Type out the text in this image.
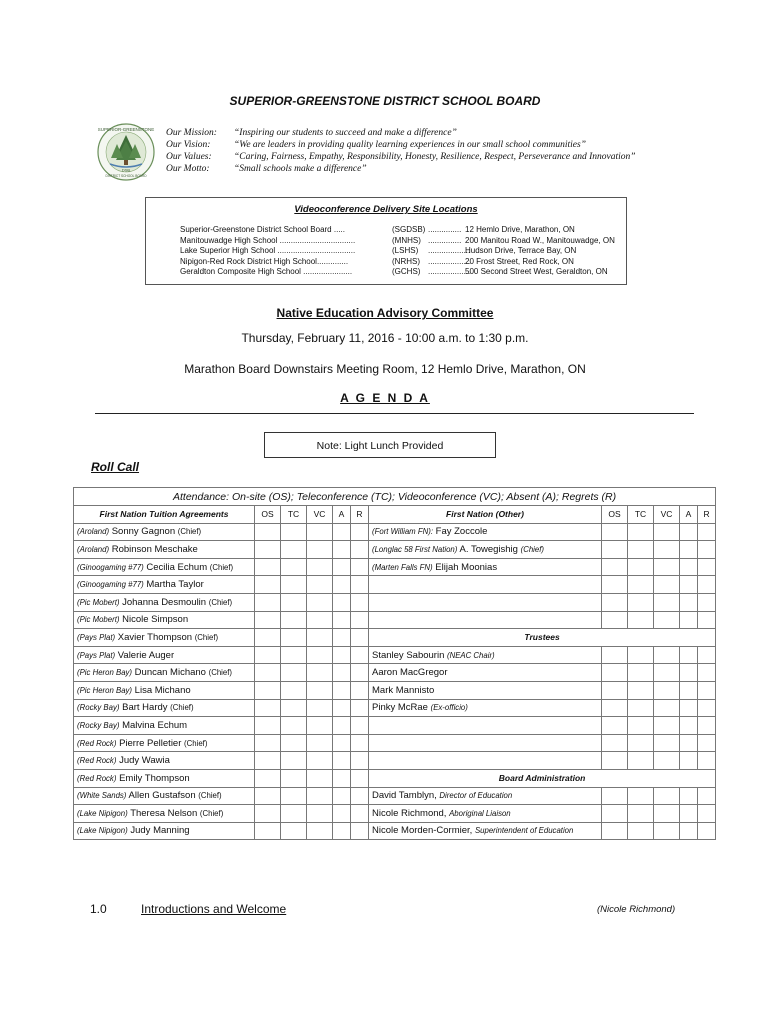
SUPERIOR-GREENSTONE DISTRICT SCHOOL BOARD
SUPERIOR-GREENSTONE
DSB
DISTRICT SCHOOL BOARD
Our Mission:	“Inspiring our students to succeed and make a difference”
Our Vision:	“We are leaders in providing quality learning experiences in our small school communities”
Our Values:	“Caring, Fairness, Empathy, Responsibility, Honesty, Resilience, Respect, Perseverance and Innovation”
Our Motto:	“Small schools make a difference”
Videoconference Delivery Site Locations
Superior-Greenstone District School Board .....	(SGDSB)............... 12 Hemlo Drive, Marathon, ON
Manitouwadge High School ..................................	(MNHS)............... 200 Manitou Road W., Manitouwadge, ON
Lake Superior High School ...................................	(LSHS) ...................Hudson Drive, Terrace Bay, ON
Nipigon-Red Rock District High School..............	(NRHS) ...................20 Frost Street, Red Rock, ON
Geraldton Composite High School ......................	(GCHS) ...................500 Second Street West, Geraldton, ON
Native Education Advisory Committee
Thursday, February 11, 2016 - 10:00 a.m. to 1:30 p.m.
Marathon Board Downstairs Meeting Room, 12 Hemlo Drive, Marathon, ON
A G E N D A
Note: Light Lunch Provided
Roll Call
Attendance: On-site (OS); Teleconference (TC); Videoconference (VC); Absent (A); Regrets (R)											
First Nation Tuition Agreements	OS	TC	VC	A	R	First Nation (Other)	OS	TC	VC	A	R
(Aroland) Sonny Gagnon (Chief)						(Fort William FN): Fay Zoccole					
(Aroland) Robinson Meschake						(Longlac 58 First Nation) A. Towegishig (Chief)					
(Ginoogaming #77) Cecilia Echum (Chief)						(Marten Falls FN) Elijah Moonias					
(Ginoogaming #77) Martha Taylor											
(Pic Mobert) Johanna Desmoulin (Chief)											
(Pic Mobert) Nicole Simpson											
(Pays Plat) Xavier Thompson (Chief)						Trustees					
(Pays Plat) Valerie Auger						Stanley Sabourin (NEAC Chair)					
(Pic Heron Bay) Duncan Michano (Chief)						Aaron MacGregor					
(Pic Heron Bay) Lisa Michano						Mark Mannisto					
(Rocky Bay) Bart Hardy (Chief)						Pinky McRae (Ex-officio)					
(Rocky Bay) Malvina Echum											
(Red Rock) Pierre Pelletier (Chief)											
(Red Rock) Judy Wawia											
(Red Rock) Emily Thompson						Board Administration					
(White Sands) Allen Gustafson (Chief)						David Tamblyn, Director of Education					
(Lake Nipigon) Theresa Nelson (Chief)						Nicole Richmond, Aboriginal Liaison					
(Lake Nipigon) Judy Manning						Nicole Morden-Cormier, Superintendent of Education					
1.0	Introductions and Welcome	(Nicole Richmond)
